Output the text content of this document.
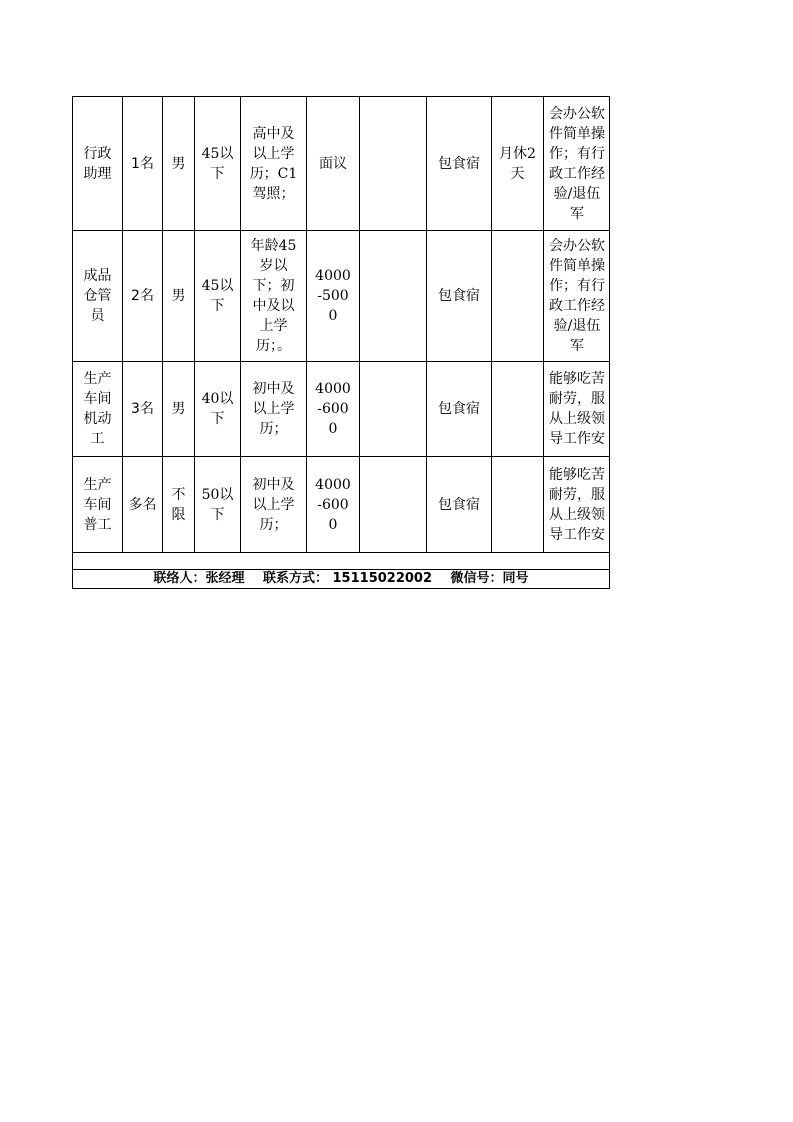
行政助理	1名	男	45以下	高中及以上学历；C1驾照；	面议		包食宿	月休2天	会办公软件简单操作；有行政工作经验/退伍军

成品仓管员	2名	男	45以下	年龄45岁以下；初中及以上学历；。	4000-5000		包食宿		会办公软件简单操作；有行政工作经验/退伍军

生产车间机动工	3名	男	40以下	初中及以上学历；	4000-6000		包食宿		能够吃苦耐劳，服从上级领导工作安

生产车间普工	多名	不限	50以下	初中及以上学历；	4000-6000		包食宿		能够吃苦耐劳，服从上级领导工作安

联络人：张经理 联系方式： 15115022002 微信号：同号									
